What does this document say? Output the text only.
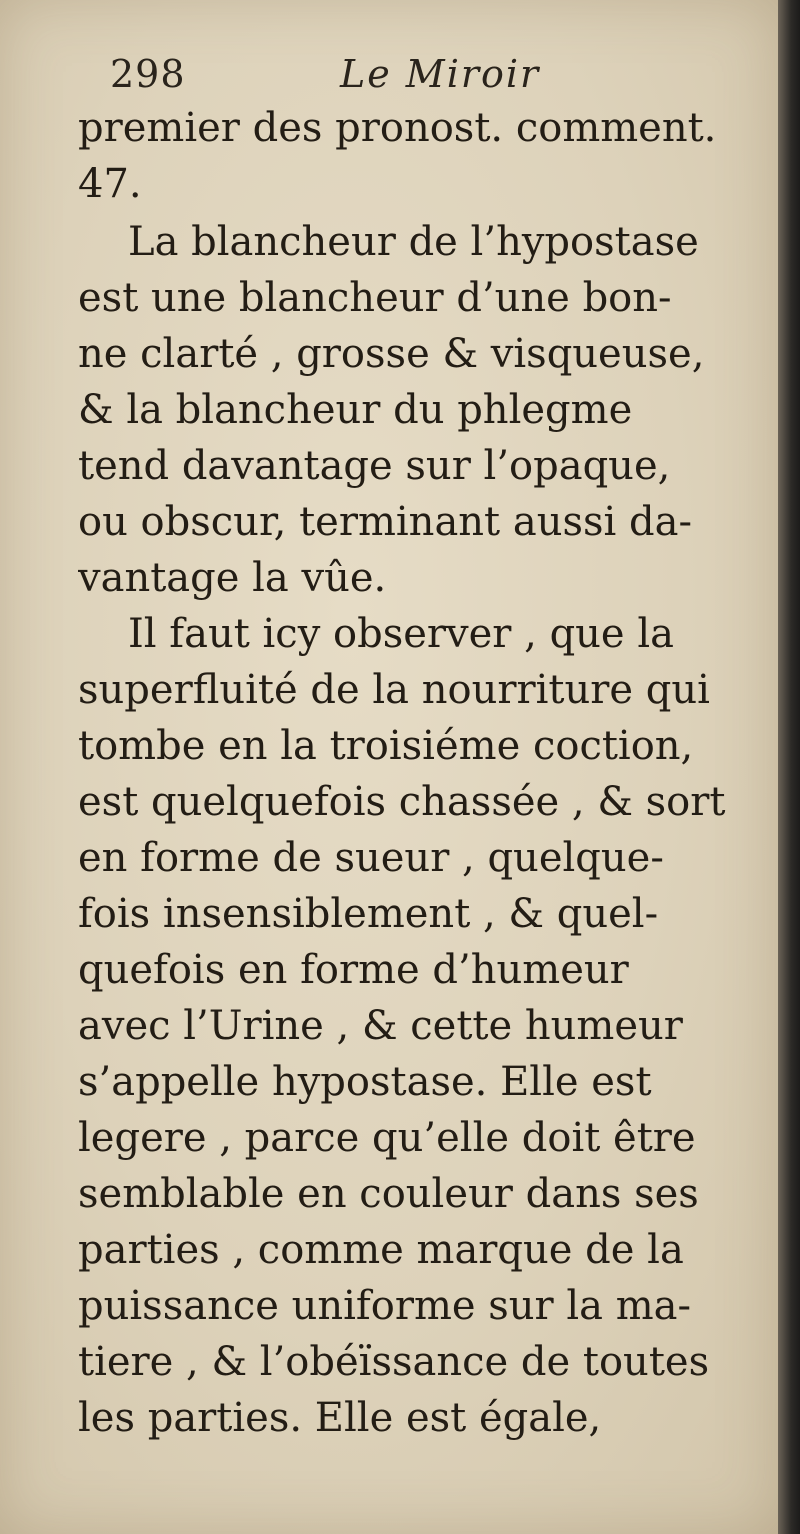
298	Le Miroir
premier des pronost. comment.
47.
La blancheur de l’hypostase
est une blancheur d’une bon-
ne clarté , grosse & visqueuse,
& la blancheur du phlegme
tend davantage sur l’opaque,
ou obscur, terminant aussi da-
vantage la vûe.
Il faut icy observer , que la
superfluité de la nourriture qui
tombe en la troisiéme coction,
est quelquefois chassée , & sort
en forme de sueur , quelque-
fois insensiblement , & quel-
quefois en forme d’humeur
avec l’Urine , & cette humeur
s’appelle hypostase. Elle est
legere , parce qu’elle doit être
semblable en couleur dans ses
parties , comme marque de la
puissance uniforme sur la ma-
tiere , & l’obéïssance de toutes
les parties. Elle est égale,
